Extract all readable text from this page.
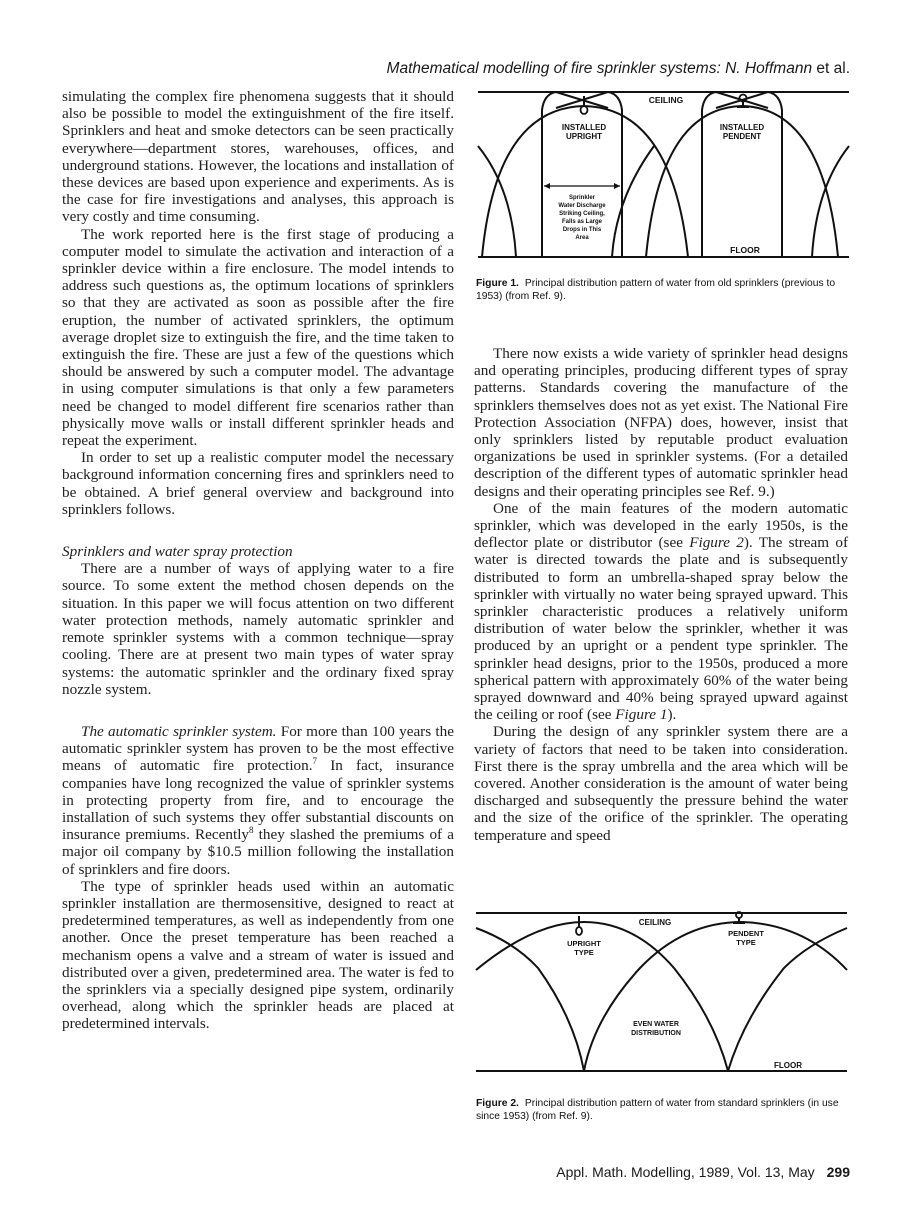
Mathematical modelling of fire sprinkler systems: N. Hoffmann et al.

simulating the complex fire phenomena suggests that it should also be possible to model the extinguishment of the fire itself. Sprinklers and heat and smoke detectors can be seen practically everywhere—department stores, warehouses, offices, and underground stations. However, the locations and installation of these devices are based upon experience and experiments. As is the case for fire investigations and analyses, this approach is very costly and time consuming.

The work reported here is the first stage of producing a computer model to simulate the activation and interaction of a sprinkler device within a fire enclosure. The model intends to address such questions as, the optimum locations of sprinklers so that they are activated as soon as possible after the fire eruption, the number of activated sprinklers, the optimum average droplet size to extinguish the fire, and the time taken to extinguish the fire. These are just a few of the questions which should be answered by such a computer model. The advantage in using computer simulations is that only a few parameters need be changed to model different fire scenarios rather than physically move walls or install different sprinkler heads and repeat the experiment.

In order to set up a realistic computer model the necessary background information concerning fires and sprinklers need to be obtained. A brief general overview and background into sprinklers follows.

Sprinklers and water spray protection

There are a number of ways of applying water to a fire source. To some extent the method chosen depends on the situation. In this paper we will focus attention on two different water protection methods, namely automatic sprinkler and remote sprinkler systems with a common technique—spray cooling. There are at present two main types of water spray systems: the automatic sprinkler and the ordinary fixed spray nozzle system.

The automatic sprinkler system. For more than 100 years the automatic sprinkler system has proven to be the most effective means of automatic fire protection.$^7$ In fact, insurance companies have long recognized the value of sprinkler systems in protecting property from fire, and to encourage the installation of such systems they offer substantial discounts on insurance premiums. Recently$^8$ they slashed the premiums of a major oil company by $10.5 million following the installation of sprinklers and fire doors.

The type of sprinkler heads used within an automatic sprinkler installation are thermosensitive, designed to react at predetermined temperatures, as well as independently from one another. Once the preset temperature has been reached a mechanism opens a valve and a stream of water is issued and distributed over a given, predetermined area. The water is fed to the sprinklers via a specially designed pipe system, ordinarily overhead, along which the sprinkler heads are placed at predetermined intervals.

CEILING
FLOOR
INSTALLED
UPRIGHT
INSTALLED
PENDENT
Sprinkler
Water Discharge
Striking Ceiling,
Falls as Large
Drops in This
Area
Figure 1. Principal distribution pattern of water from old sprinklers (previous to 1953) (from Ref. 9).

There now exists a wide variety of sprinkler head designs and operating principles, producing different types of spray patterns. Standards covering the manufacture of the sprinklers themselves does not as yet exist. The National Fire Protection Association (NFPA) does, however, insist that only sprinklers listed by reputable product evaluation organizations be used in sprinkler systems. (For a detailed description of the different types of automatic sprinkler head designs and their operating principles see Ref. 9.)

One of the main features of the modern automatic sprinkler, which was developed in the early 1950s, is the deflector plate or distributor (see Figure 2). The stream of water is directed towards the plate and is subsequently distributed to form an umbrella-shaped spray below the sprinkler with virtually no water being sprayed upward. This sprinkler characteristic produces a relatively uniform distribution of water below the sprinkler, whether it was produced by an upright or a pendent type sprinkler. The sprinkler head designs, prior to the 1950s, produced a more spherical pattern with approximately 60% of the water being sprayed downward and 40% being sprayed upward against the ceiling or roof (see Figure 1).

During the design of any sprinkler system there are a variety of factors that need to be taken into consideration. First there is the spray umbrella and the area which will be covered. Another consideration is the amount of water being discharged and subsequently the pressure behind the water and the size of the orifice of the sprinkler. The operating temperature and speed

CEILING
FLOOR
UPRIGHT
TYPE
PENDENT
TYPE
EVEN WATER
DISTRIBUTION
Figure 2. Principal distribution pattern of water from standard sprinklers (in use since 1953) (from Ref. 9).
Appl. Math. Modelling, 1989, Vol. 13, May 299
